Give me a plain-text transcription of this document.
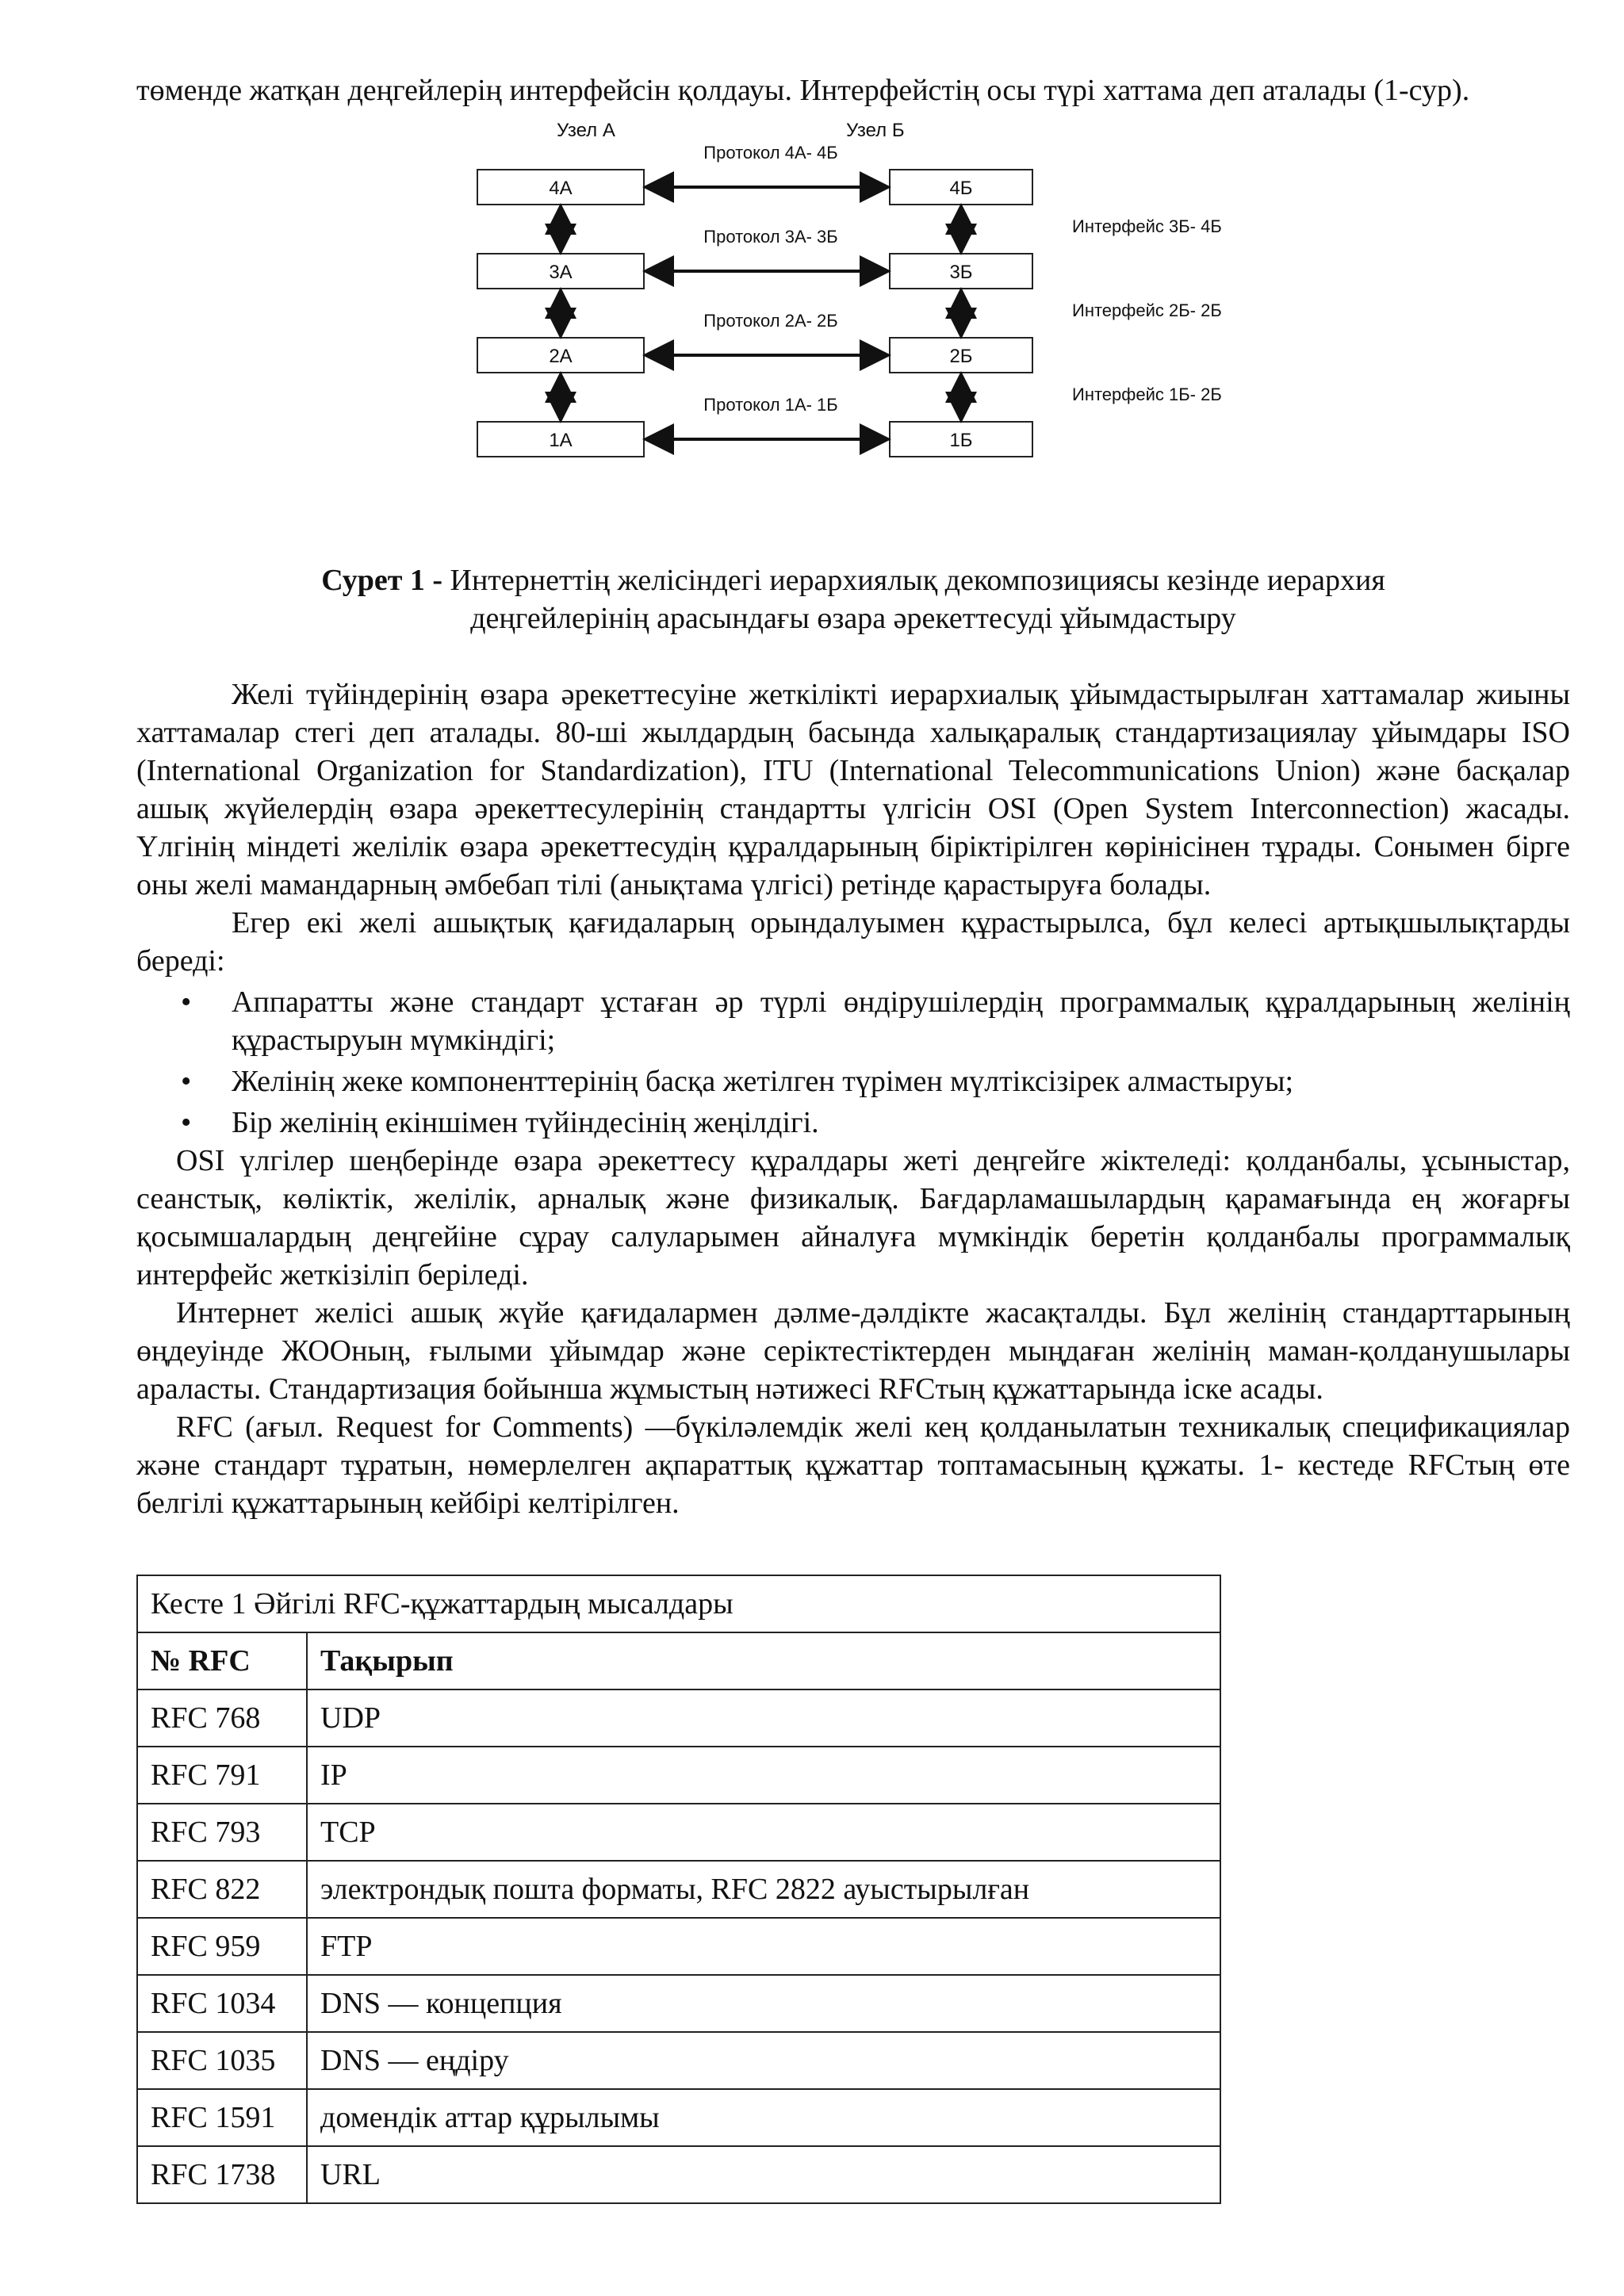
төменде жатқан деңгейлерің интерфейсін қолдауы. Интерфейстің осы түрі хаттама деп аталады (1-сур).

Узел А	Узел Б
4А
3А
2А
1А
4Б
3Б
2Б
1Б
Протокол 4А- 4Б
Протокол 3А- 3Б
Протокол 2А- 2Б
Протокол 1А- 1Б
Интерфейс 3Б- 4Б
Интерфейс 2Б- 2Б
Интерфейс 1Б- 2Б

Сурет 1 - Интернеттің желісіндегі иерархиялық декомпозициясы кезінде иерархия
деңгейлерінің арасындағы өзара әрекеттесуді ұйымдастыру

Желі түйіндерінің өзара әрекеттесуіне жеткілікті иерархиалық ұйымдастырылған хаттамалар жиыны хаттамалар стегі деп аталады. 80-ші жылдардың басында халықаралық стандартизациялау ұйымдары ISO (International Organization for Standardization), ITU (International Telecommunications Union) және басқалар ашық жүйелердің өзара әрекеттесулерінің стандартты үлгісін OSI (Open System Interconnection) жасады. Үлгінің міндеті желілік өзара әрекеттесудің құралдарының біріктірілген көрінісінен тұрады. Сонымен бірге оны желі мамандарның әмбебап тілі (анықтама үлгісі) ретінде қарастыруға болады.

Егер екі желі ашықтық қағидаларың орындалуымен құрастырылса, бұл келесі артықшылықтарды береді:

• Аппаратты және стандарт ұстаған әр түрлі өндірушілердің программалық құралдарының желінің құрастыруын мүмкіндігі;
• Желінің жеке компоненттерінің басқа жетілген түрімен мүлтіксізірек алмастыруы;
• Бір желінің екіншімен түйіндесінің жеңілдігі.

OSI үлгілер шеңберінде өзара әрекеттесу құралдары жеті деңгейге жіктеледі: қолданбалы, ұсыныстар, сеанстық, көліктік, желілік, арналық және физикалық. Бағдарламашылардың қарамағында ең жоғарғы қосымшалардың деңгейіне сұрау салуларымен айналуға мүмкіндік беретін қолданбалы программалық интерфейс жеткізіліп беріледі.

Интернет желісі ашық жүйе қағидалармен дәлме-дәлдікте жасақталды. Бұл желінің стандарттарының өңдеуінде ЖООның, ғылыми ұйымдар және серіктестіктерден мыңдаған желінің маман-қолданушылары араласты. Стандартизация бойынша жұмыстың нәтижесі RFCтың құжаттарында іске асады.

RFC (ағыл. Request for Comments) —бүкіләлемдік желі кең қолданылатын техникалық спецификациялар және стандарт тұратын, нөмерлелген ақпараттық құжаттар топтамасының құжаты. 1- кестеде RFCтың өте белгілі құжаттарының кейбірі келтірілген.

Кесте 1 Әйгілі RFC-құжаттардың мысалдары	
№ RFC	Тақырып
RFC 768	UDP
RFC 791	IP
RFC 793	TCP
RFC 822	электрондық пошта форматы, RFC 2822 ауыстырылған
RFC 959	FTP
RFC 1034	DNS — концепция
RFC 1035	DNS — еңдіру
RFC 1591	домендік аттар құрылымы
RFC 1738	URL
